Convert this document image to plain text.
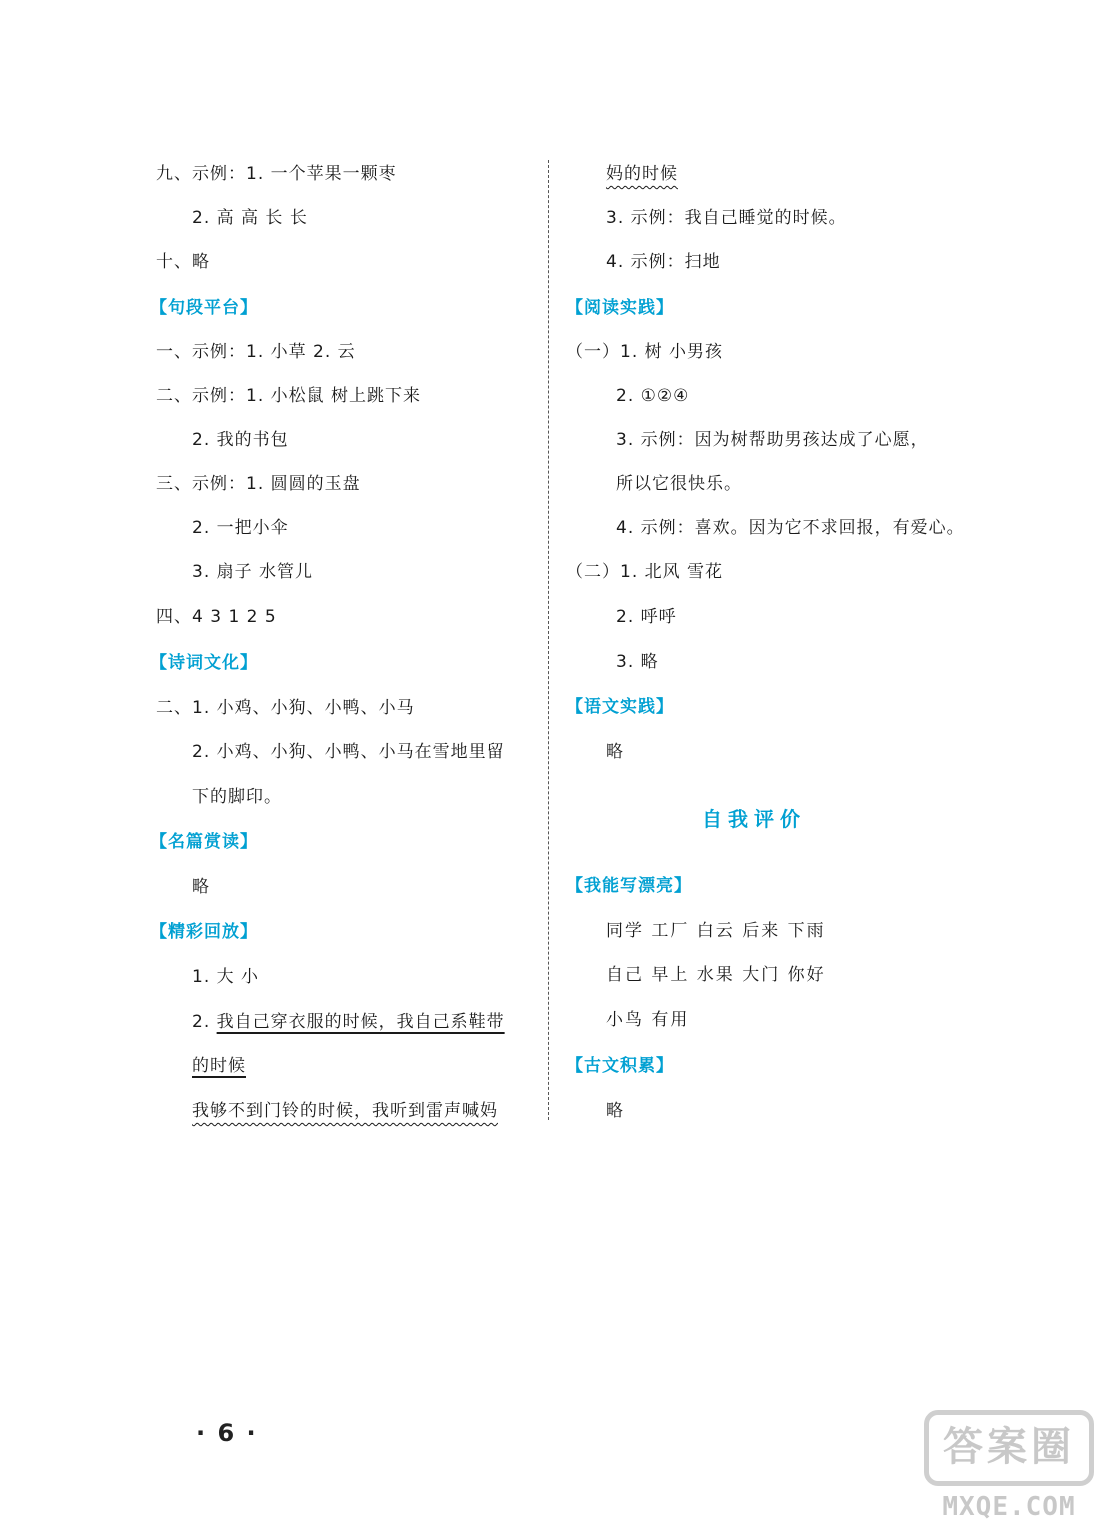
九、示例：1. 一个苹果一颗枣
2. 高 高 长 长
十、略
【句段平台】
一、示例：1. 小草 2. 云
二、示例：1. 小松鼠 树上跳下来
2. 我的书包
三、示例：1. 圆圆的玉盘
2. 一把小伞
3. 扇子 水管儿
四、4 3 1 2 5
【诗词文化】
二、1. 小鸡、小狗、小鸭、小马
2. 小鸡、小狗、小鸭、小马在雪地里留
下的脚印。
【名篇赏读】
略
【精彩回放】
1. 大 小
2. 我自己穿衣服的时候，我自己系鞋带
的时候
我够不到门铃的时候，我听到雷声喊妈
妈的时候
3. 示例：我自己睡觉的时候。
4. 示例：扫地
【阅读实践】
（一）1. 树 小男孩
2. ①②④
3. 示例：因为树帮助男孩达成了心愿，
所以它很快乐。
4. 示例：喜欢。因为它不求回报，有爱心。
（二）1. 北风 雪花
2. 呼呼
3. 略
【语文实践】
略
自我评价
【我能写漂亮】
同学 工厂 白云 后来 下雨
自己 早上 水果 大门 你好
小鸟 有用
【古文积累】
略
· 6 ·	答案圈
MXQE.COM
